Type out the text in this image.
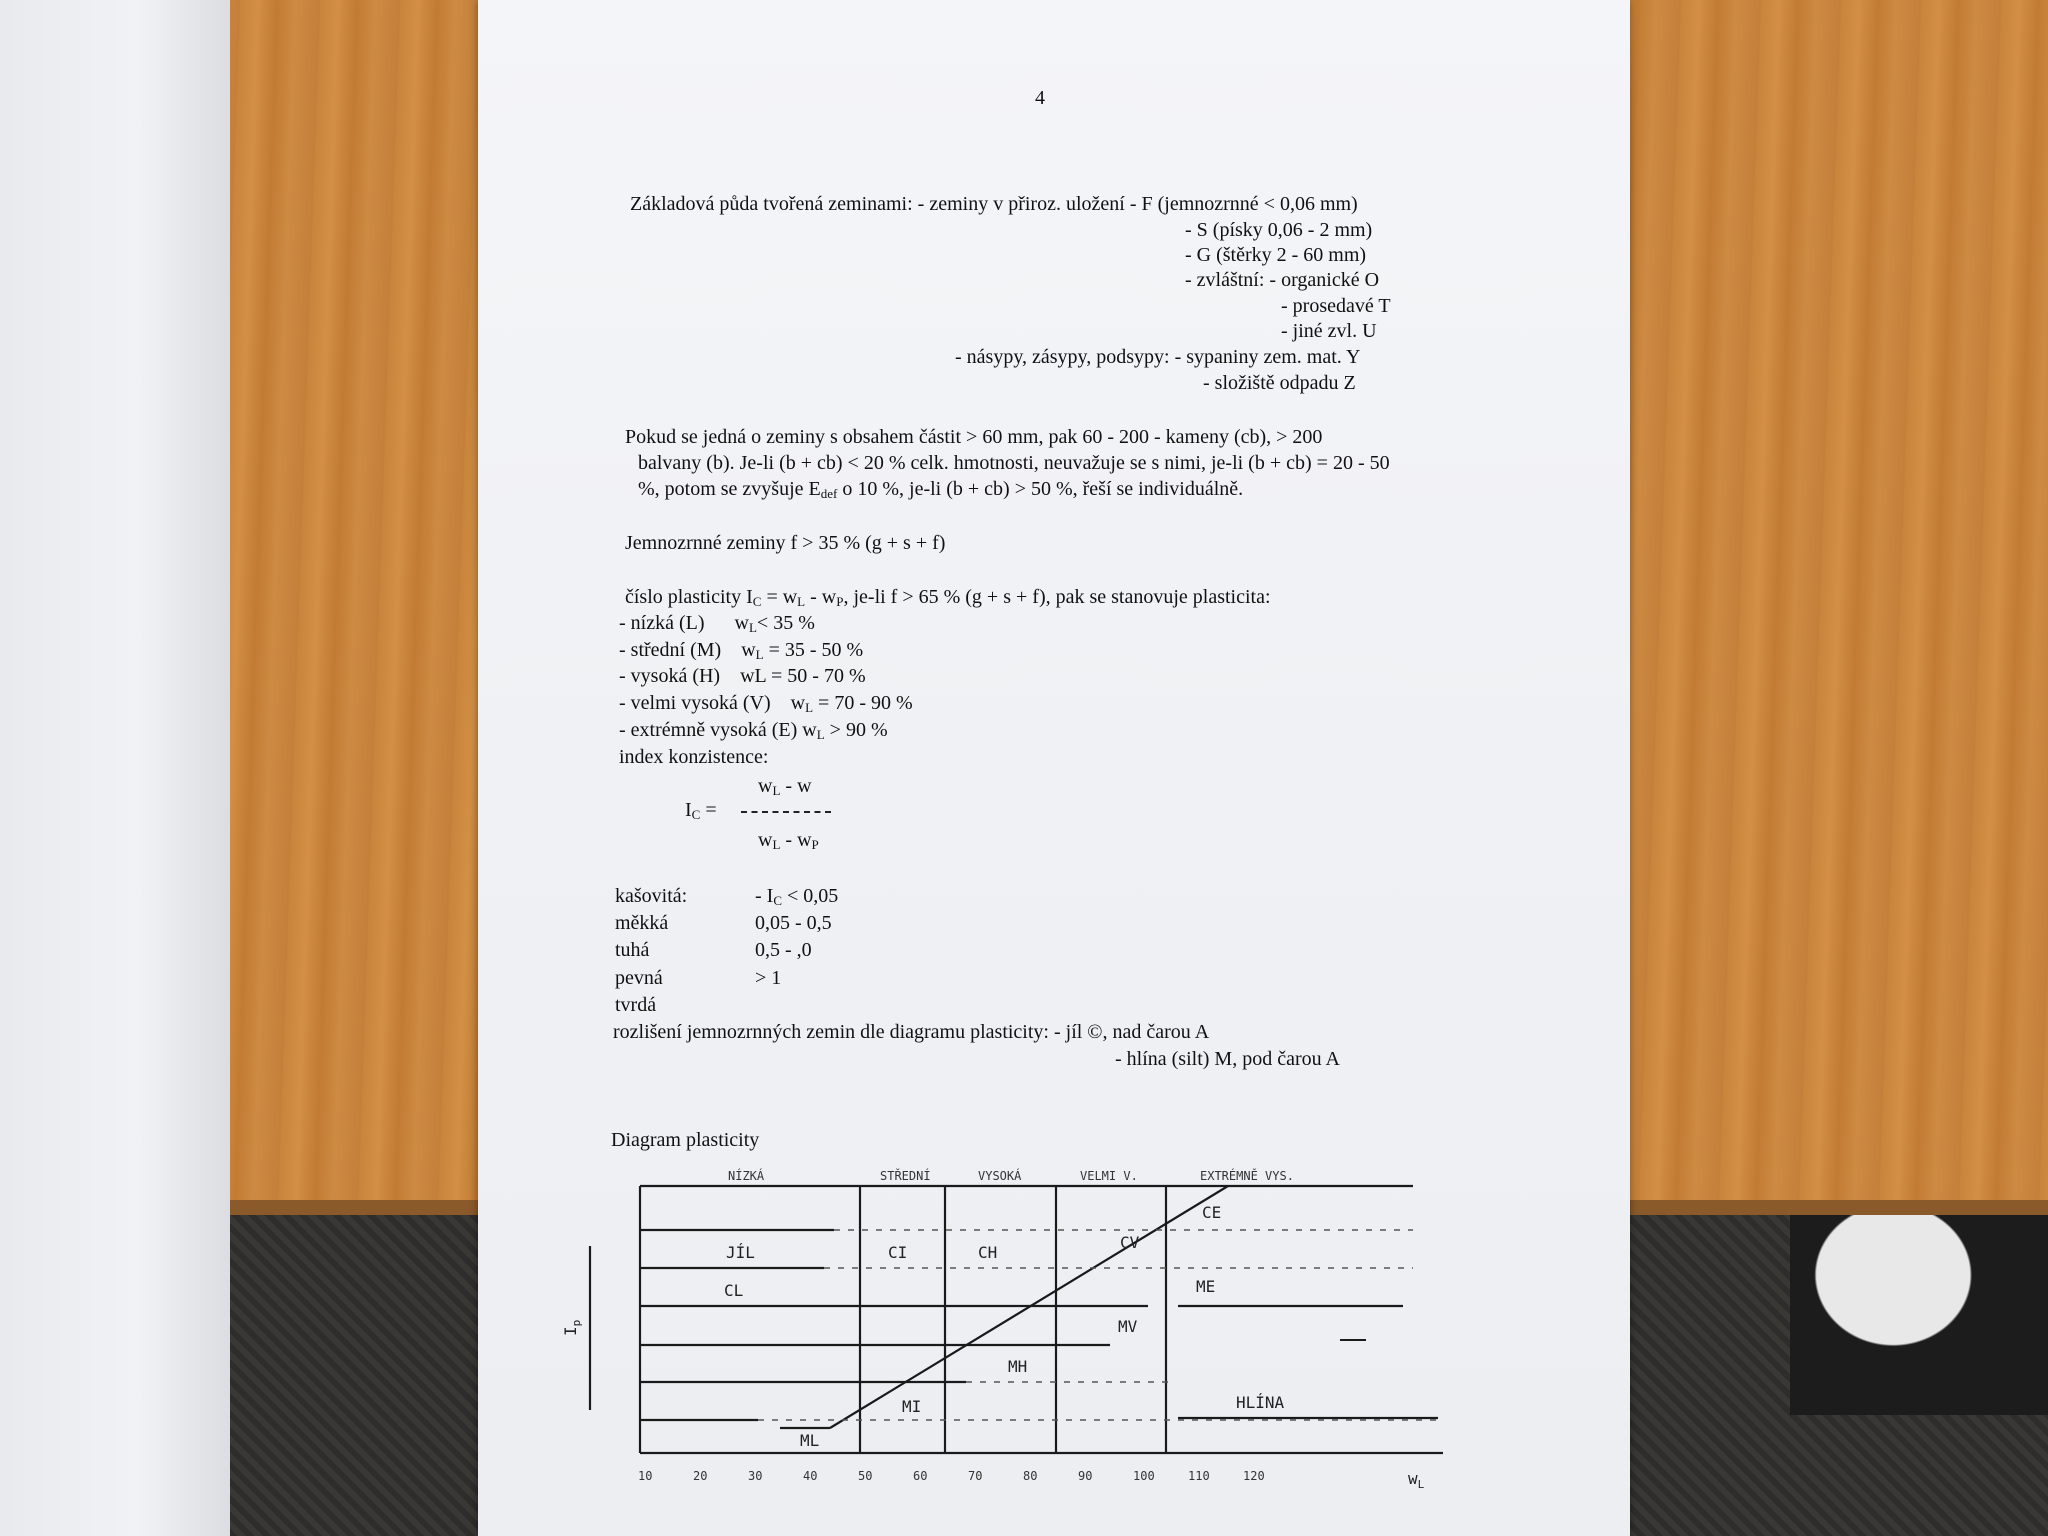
4
Základová půda tvořená zeminami: - zeminy v přiroz. uložení - F (jemnozrnné < 0,06 mm)
- S (písky 0,06 - 2 mm)
- G (štěrky 2 - 60 mm)
- zvláštní: - organické O
- prosedavé T
- jiné zvl. U
- násypy, zásypy, podsypy: - sypaniny zem. mat. Y
- složiště odpadu Z
Pokud se jedná o zeminy s obsahem částit > 60 mm, pak 60 - 200 - kameny (cb), > 200
balvany (b). Je-li (b + cb) < 20 % celk. hmotnosti, neuvažuje se s nimi, je-li (b + cb) = 20 - 50
%, potom se zvyšuje $E_{def}$ o 10 %, je-li (b + cb) > 50 %, řeší se individuálně.
Jemnozrnné zeminy f > 35 % (g + s + f)
číslo plasticity $I_C = w_L - w_P$, je-li f > 65 % (g + s + f), pak se stanovuje plasticita:
- nízká (L) $w_L< 35$ %
- střední (M) $w_L = 35 - 50$ %
- vysoká (H) wL = 50 - 70 %
- velmi vysoká (V) $w_L = 70 - 90$ %
- extrémně vysoká (E) $w_L > 90$ %
index konzistence:
$I_C$ =
$w_L$ - w
$w_L - w_P$
kašovitá:	- $I_C < 0,05$
měkká	0,05 - 0,5
tuhá	0,5 - ,0
pevná	> 1
tvrdá
rozlišení jemnozrnných zemin dle diagramu plasticity: - jíl ©, nad čarou A
- hlína (silt) M, pod čarou A
Diagram plasticity
NÍZKÁ	STŘEDNÍ	VYSOKÁ	VELMI V.	EXTRÉMNĚ VYS.
JÍL
CL
CI	CH
CV
CE
ME
MV
MH
MI
ML
HLÍNA
$I_p$
$w_L$
10	20	30	40	50	60	70	80	90	100	110	120
